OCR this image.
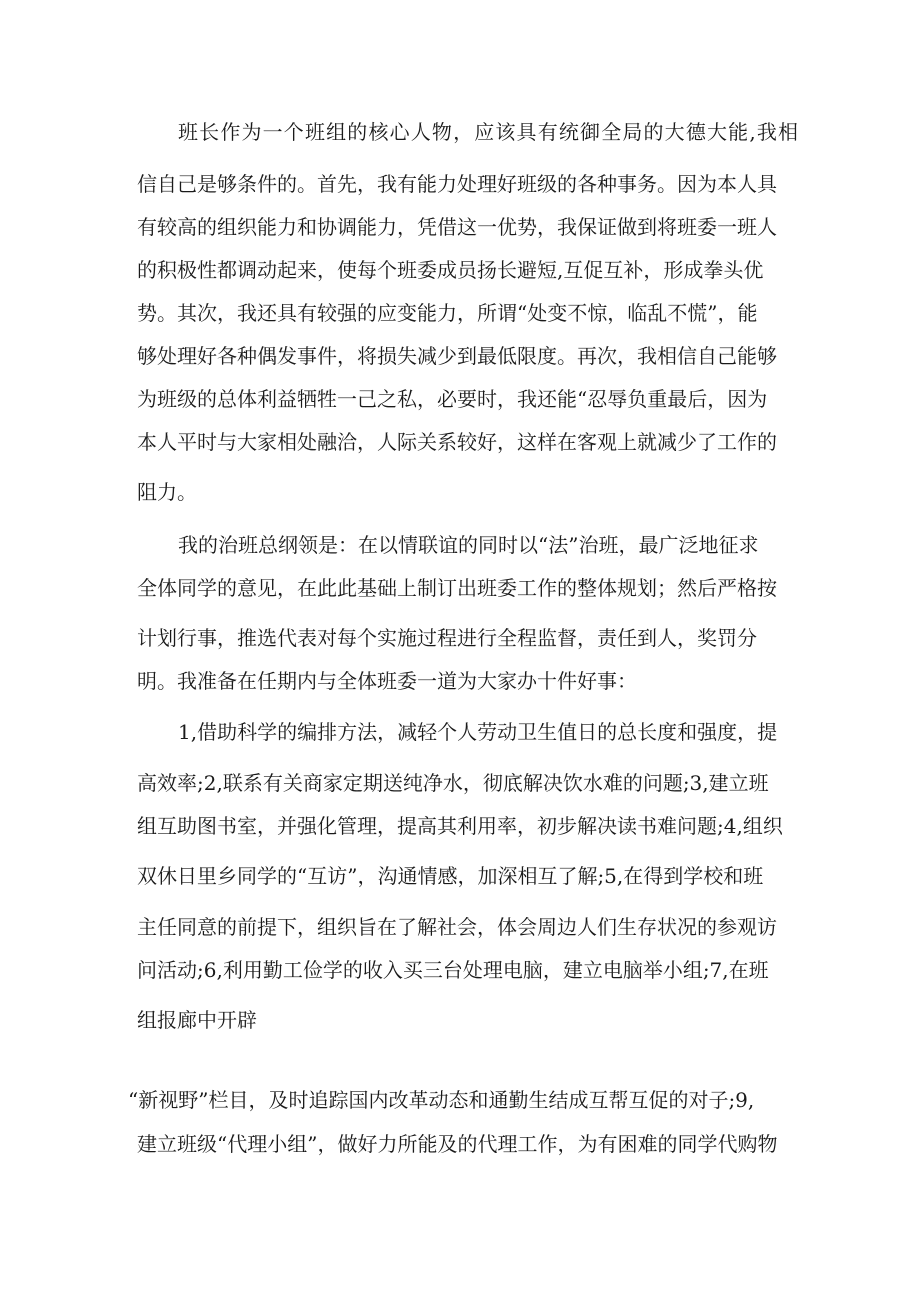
班长作为一个班组的核心人物，应该具有统御全局的大德大能,我相
信自己是够条件的。首先，我有能力处理好班级的各种事务。因为本人具
有较高的组织能力和协调能力，凭借这一优势，我保证做到将班委一班人
的积极性都调动起来，使每个班委成员扬长避短,互促互补，形成拳头优
势。其次，我还具有较强的应变能力，所谓“处变不惊，临乱不慌”，能
够处理好各种偶发事件，将损失减少到最低限度。再次，我相信自己能够
为班级的总体利益牺牲一己之私，必要时，我还能“忍辱负重最后，因为
本人平时与大家相处融洽，人际关系较好，这样在客观上就减少了工作的
阻力。
我的治班总纲领是：在以情联谊的同时以“法”治班，最广泛地征求
全体同学的意见，在此此基础上制订出班委工作的整体规划；然后严格按
计划行事，推选代表对每个实施过程进行全程监督，责任到人，奖罚分
明。我准备在任期内与全体班委一道为大家办十件好事：
1,借助科学的编排方法，减轻个人劳动卫生值日的总长度和强度，提
高效率;2,联系有关商家定期送纯净水，彻底解决饮水难的问题;3,建立班
组互助图书室，并强化管理，提高其利用率，初步解决读书难问题;4,组织
双休日里乡同学的“互访”，沟通情感，加深相互了解;5,在得到学校和班
主任同意的前提下，组织旨在了解社会，体会周边人们生存状况的参观访
问活动;6,利用勤工俭学的收入买三台处理电脑，建立电脑举小组;7,在班
组报廊中开辟
“新视野”栏目，及时追踪国内改革动态和通勤生结成互帮互促的对子;9,
建立班级“代理小组”，做好力所能及的代理工作，为有困难的同学代购物
